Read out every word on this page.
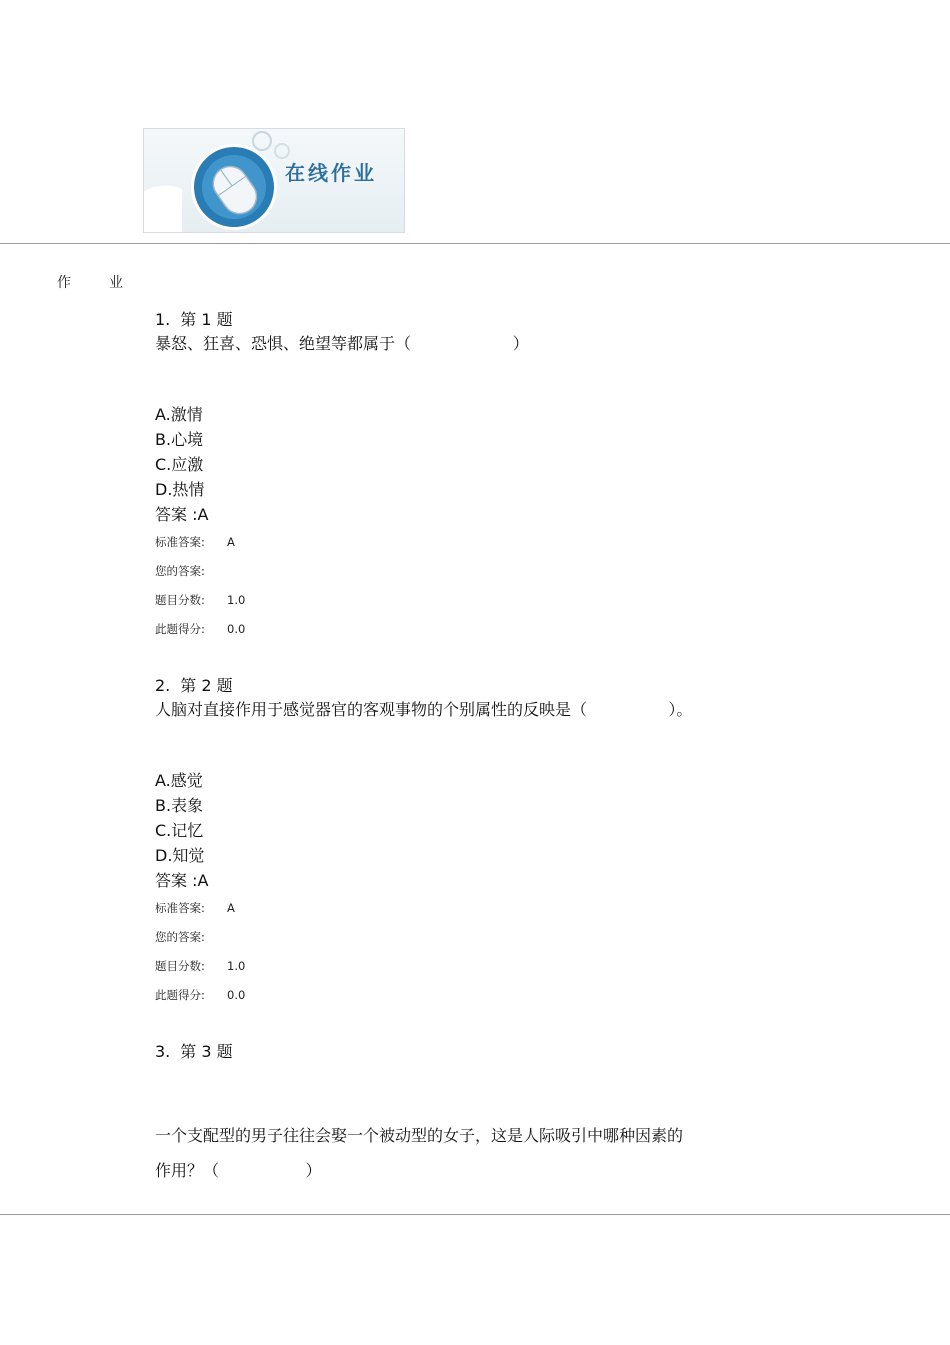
在线作业
作	业
1. 第 1 题
暴怒、狂喜、恐惧、绝望等都属于（                    ）
A.激情
B.心境
C.应激
D.热情
答案 :A
标准答案: A
您的答案:
题目分数: 1.0
此题得分: 0.0
2. 第 2 题
人脑对直接作用于感觉器官的客观事物的个别属性的反映是（                ）。
A.感觉
B.表象
C.记忆
D.知觉
答案 :A
标准答案: A
您的答案:
题目分数: 1.0
此题得分: 0.0
3. 第 3 题
一个支配型的男子往往会娶一个被动型的女子，这是人际吸引中哪种因素的
作用？（                 ）
